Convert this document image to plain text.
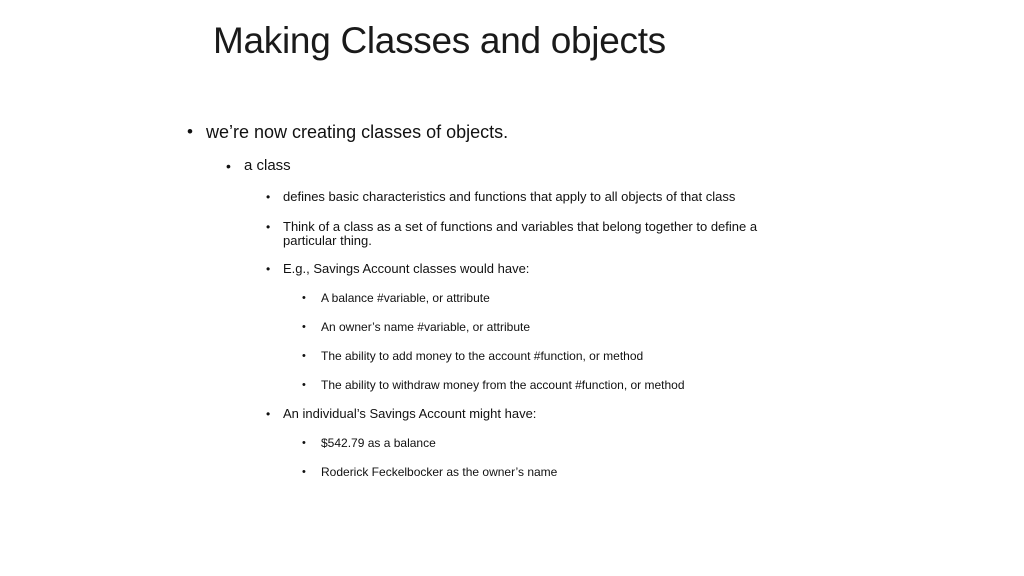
Making Classes and objects
• we’re now creating classes of objects.
• a class
• defines basic characteristics and functions that apply to all objects of that class
• Think of a class as a set of functions and variables that belong together to define a particular thing.
• E.g., Savings Account classes would have:
• A balance #variable, or attribute
• An owner’s name #variable, or attribute
• The ability to add money to the account #function, or method
• The ability to withdraw money from the account #function, or method
• An individual’s Savings Account might have:
• $542.79 as a balance
• Roderick Feckelbocker as the owner’s name
